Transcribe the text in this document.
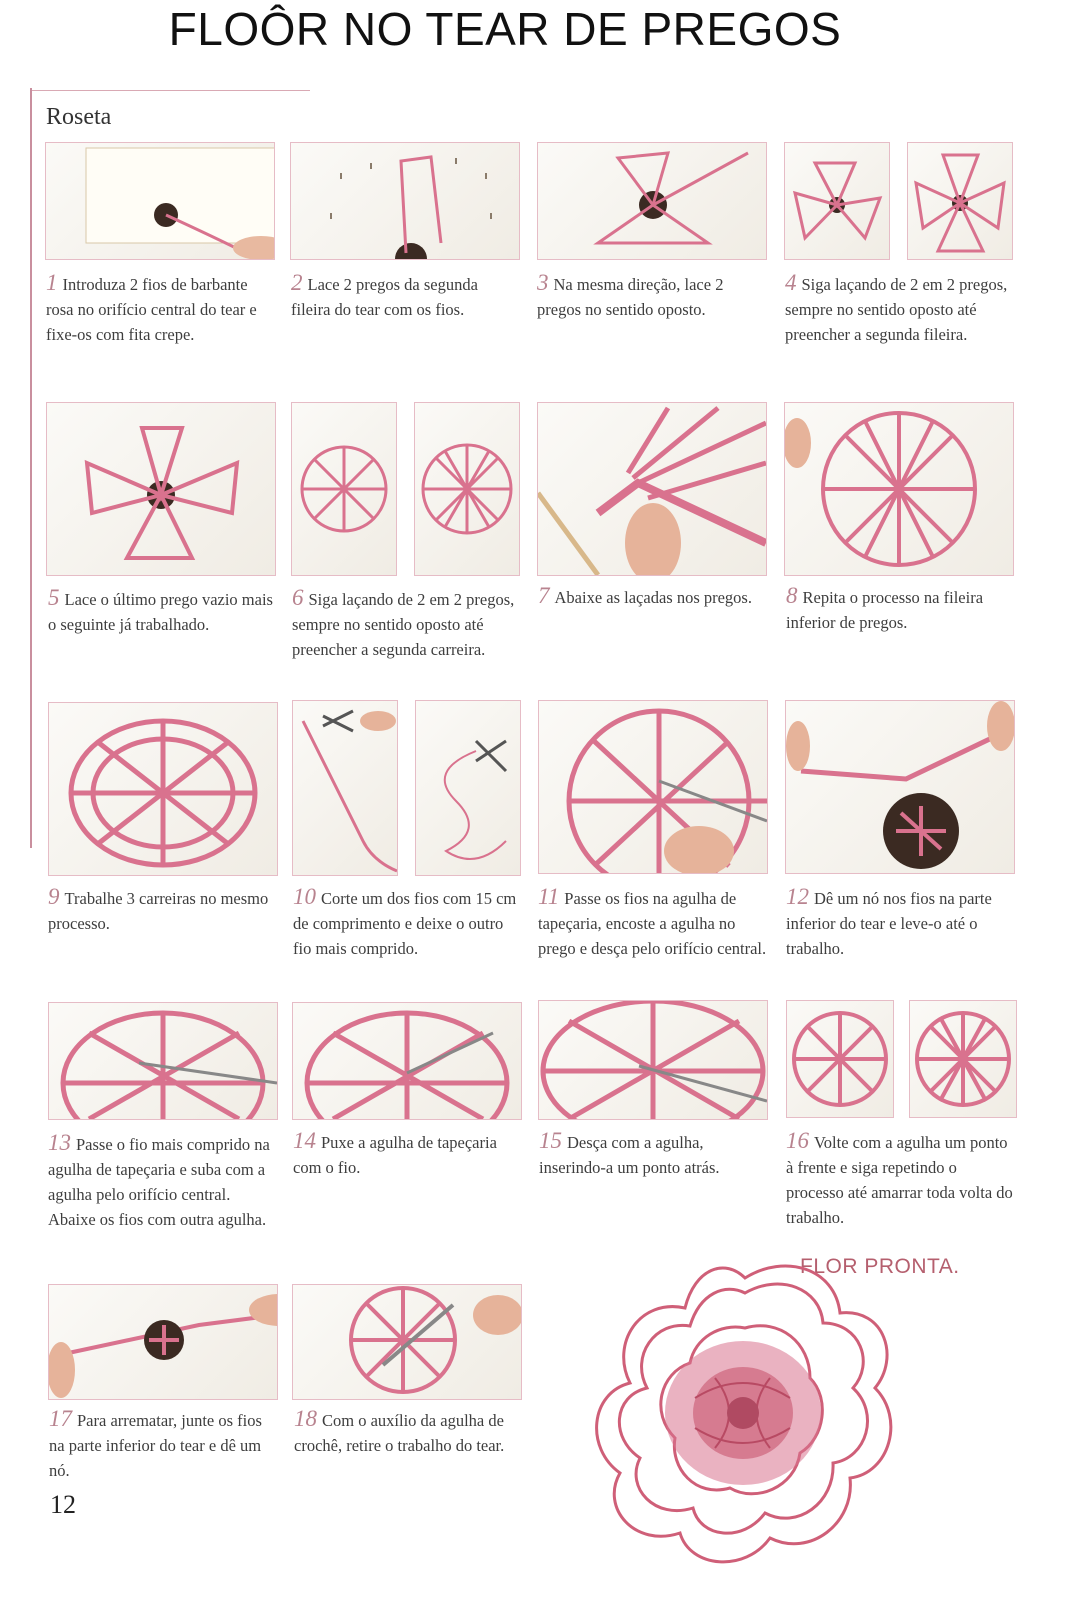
FLOÔR NO TEAR DE PREGOS
Roseta
1 Introduza 2 fios de barbante rosa no orifício central do tear e fixe-os com fita crepe.
2 Lace 2 pregos da segunda fileira do tear com os fios.
3 Na mesma direção, lace 2 pregos no sentido oposto.
4 Siga laçando de 2 em 2 pregos, sempre no sentido oposto até preencher a segunda fileira.
5 Lace o último prego vazio mais o seguinte já trabalhado.
6 Siga laçando de 2 em 2 pregos, sempre no sentido oposto até preencher a segunda carreira.
7 Abaixe as laçadas nos pregos. 8 Repita o processo na fileira inferior de pregos.
9 Trabalhe 3 carreiras no mesmo processo.
10 Corte um dos fios com 15 cm de comprimento e deixe o outro fio mais comprido.
11 Passe os fios na agulha de tapeçaria, encoste a agulha no prego e desça pelo orifício central.
12 Dê um nó nos fios na parte inferior do tear e leve-o até o trabalho.
13 Passe o fio mais comprido na agulha de tapeçaria e suba com a agulha pelo orifício central. Abaixe os fios com outra agulha.
14 Puxe a agulha de tapeçaria com o fio.
15 Desça com a agulha, inserindo-a um ponto atrás.
16 Volte com a agulha um ponto à frente e siga repetindo o processo até amarrar toda volta do trabalho.
17 Para arrematar, junte os fios na parte inferior do tear e dê um nó.
18 Com o auxílio da agulha de crochê, retire o trabalho do tear.
FLOR PRONTA.
12
